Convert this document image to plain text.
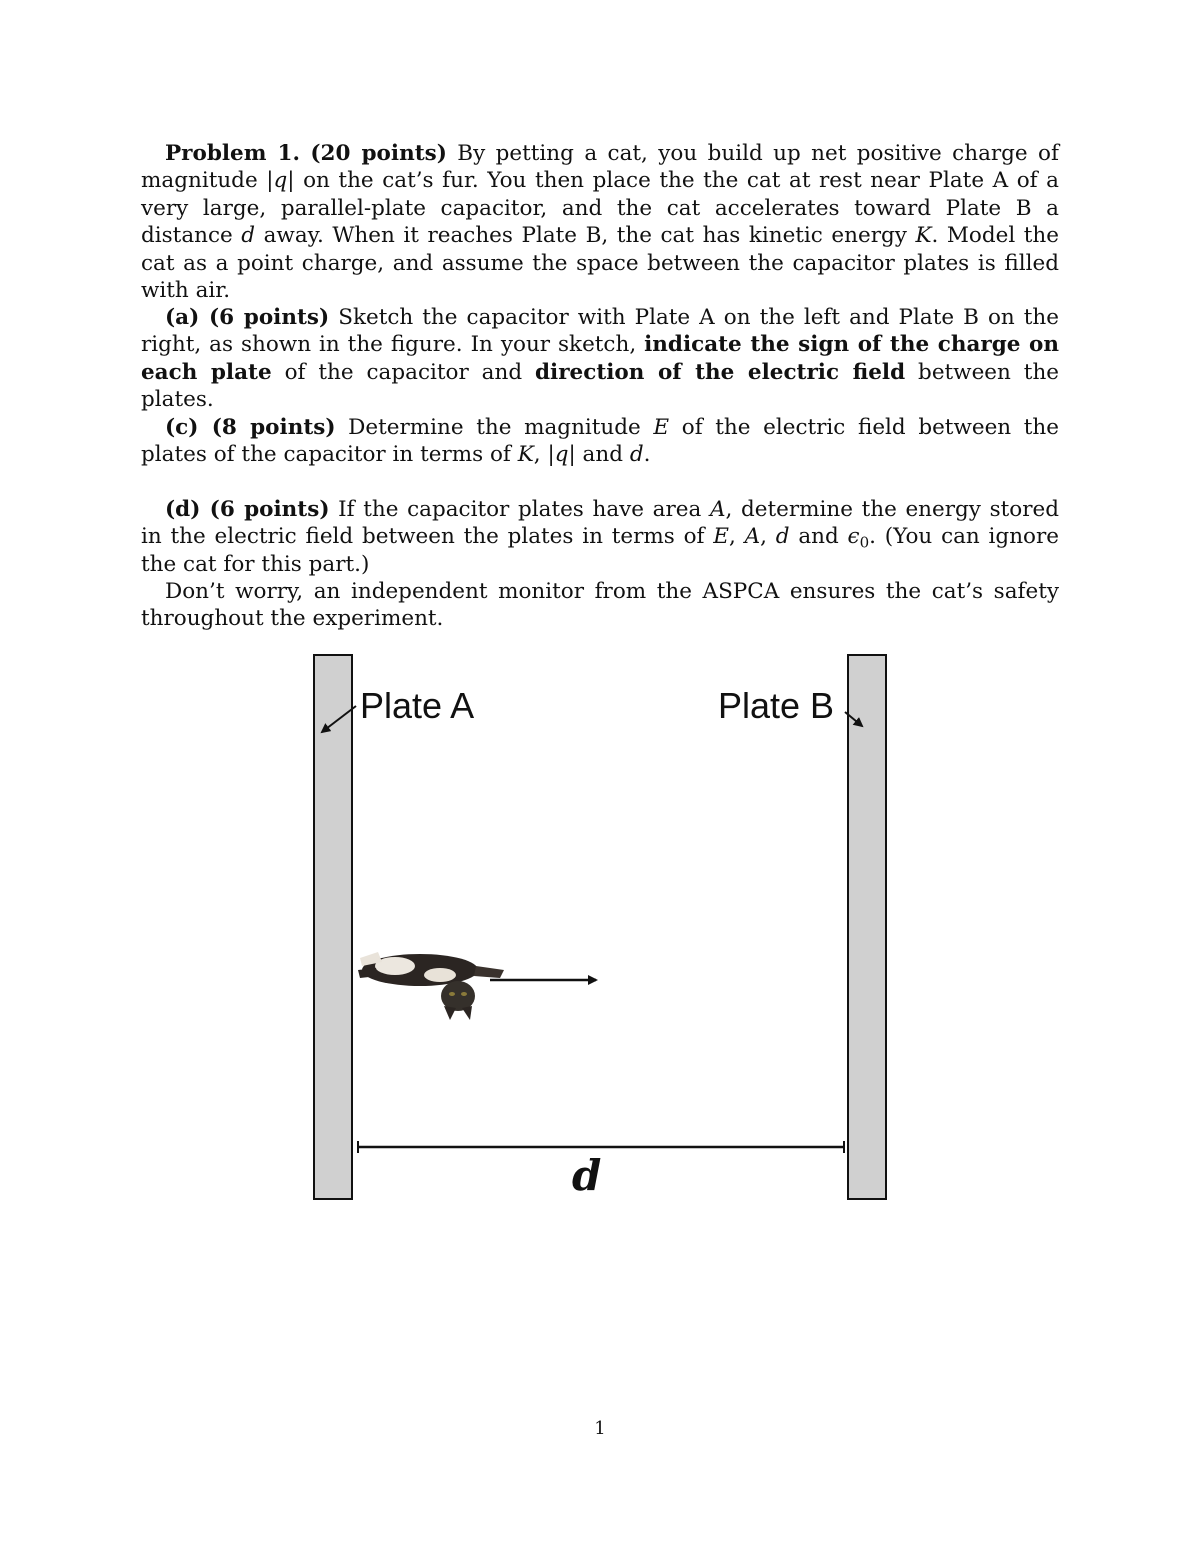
Problem 1. (20 points) By petting a cat, you build up net positive charge of magnitude |q| on the cat’s fur. You then place the the cat at rest near Plate A of a very large, parallel-plate capacitor, and the cat accelerates toward Plate B a distance d away. When it reaches Plate B, the cat has kinetic energy K. Model the cat as a point charge, and assume the space between the capacitor plates is filled with air.

(a) (6 points) Sketch the capacitor with Plate A on the left and Plate B on the right, as shown in the figure. In your sketch, indicate the sign of the charge on each plate of the capacitor and direction of the electric field between the plates.

(c) (8 points) Determine the magnitude E of the electric field between the plates of the capacitor in terms of K, |q| and d.

(d) (6 points) If the capacitor plates have area A, determine the energy stored in the electric field between the plates in terms of E, A, d and $\epsilon_0$. (You can ignore the cat for this part.)

Don’t worry, an independent monitor from the ASPCA ensures the cat’s safety throughout the experiment.

Plate A	Plate B
d
1
